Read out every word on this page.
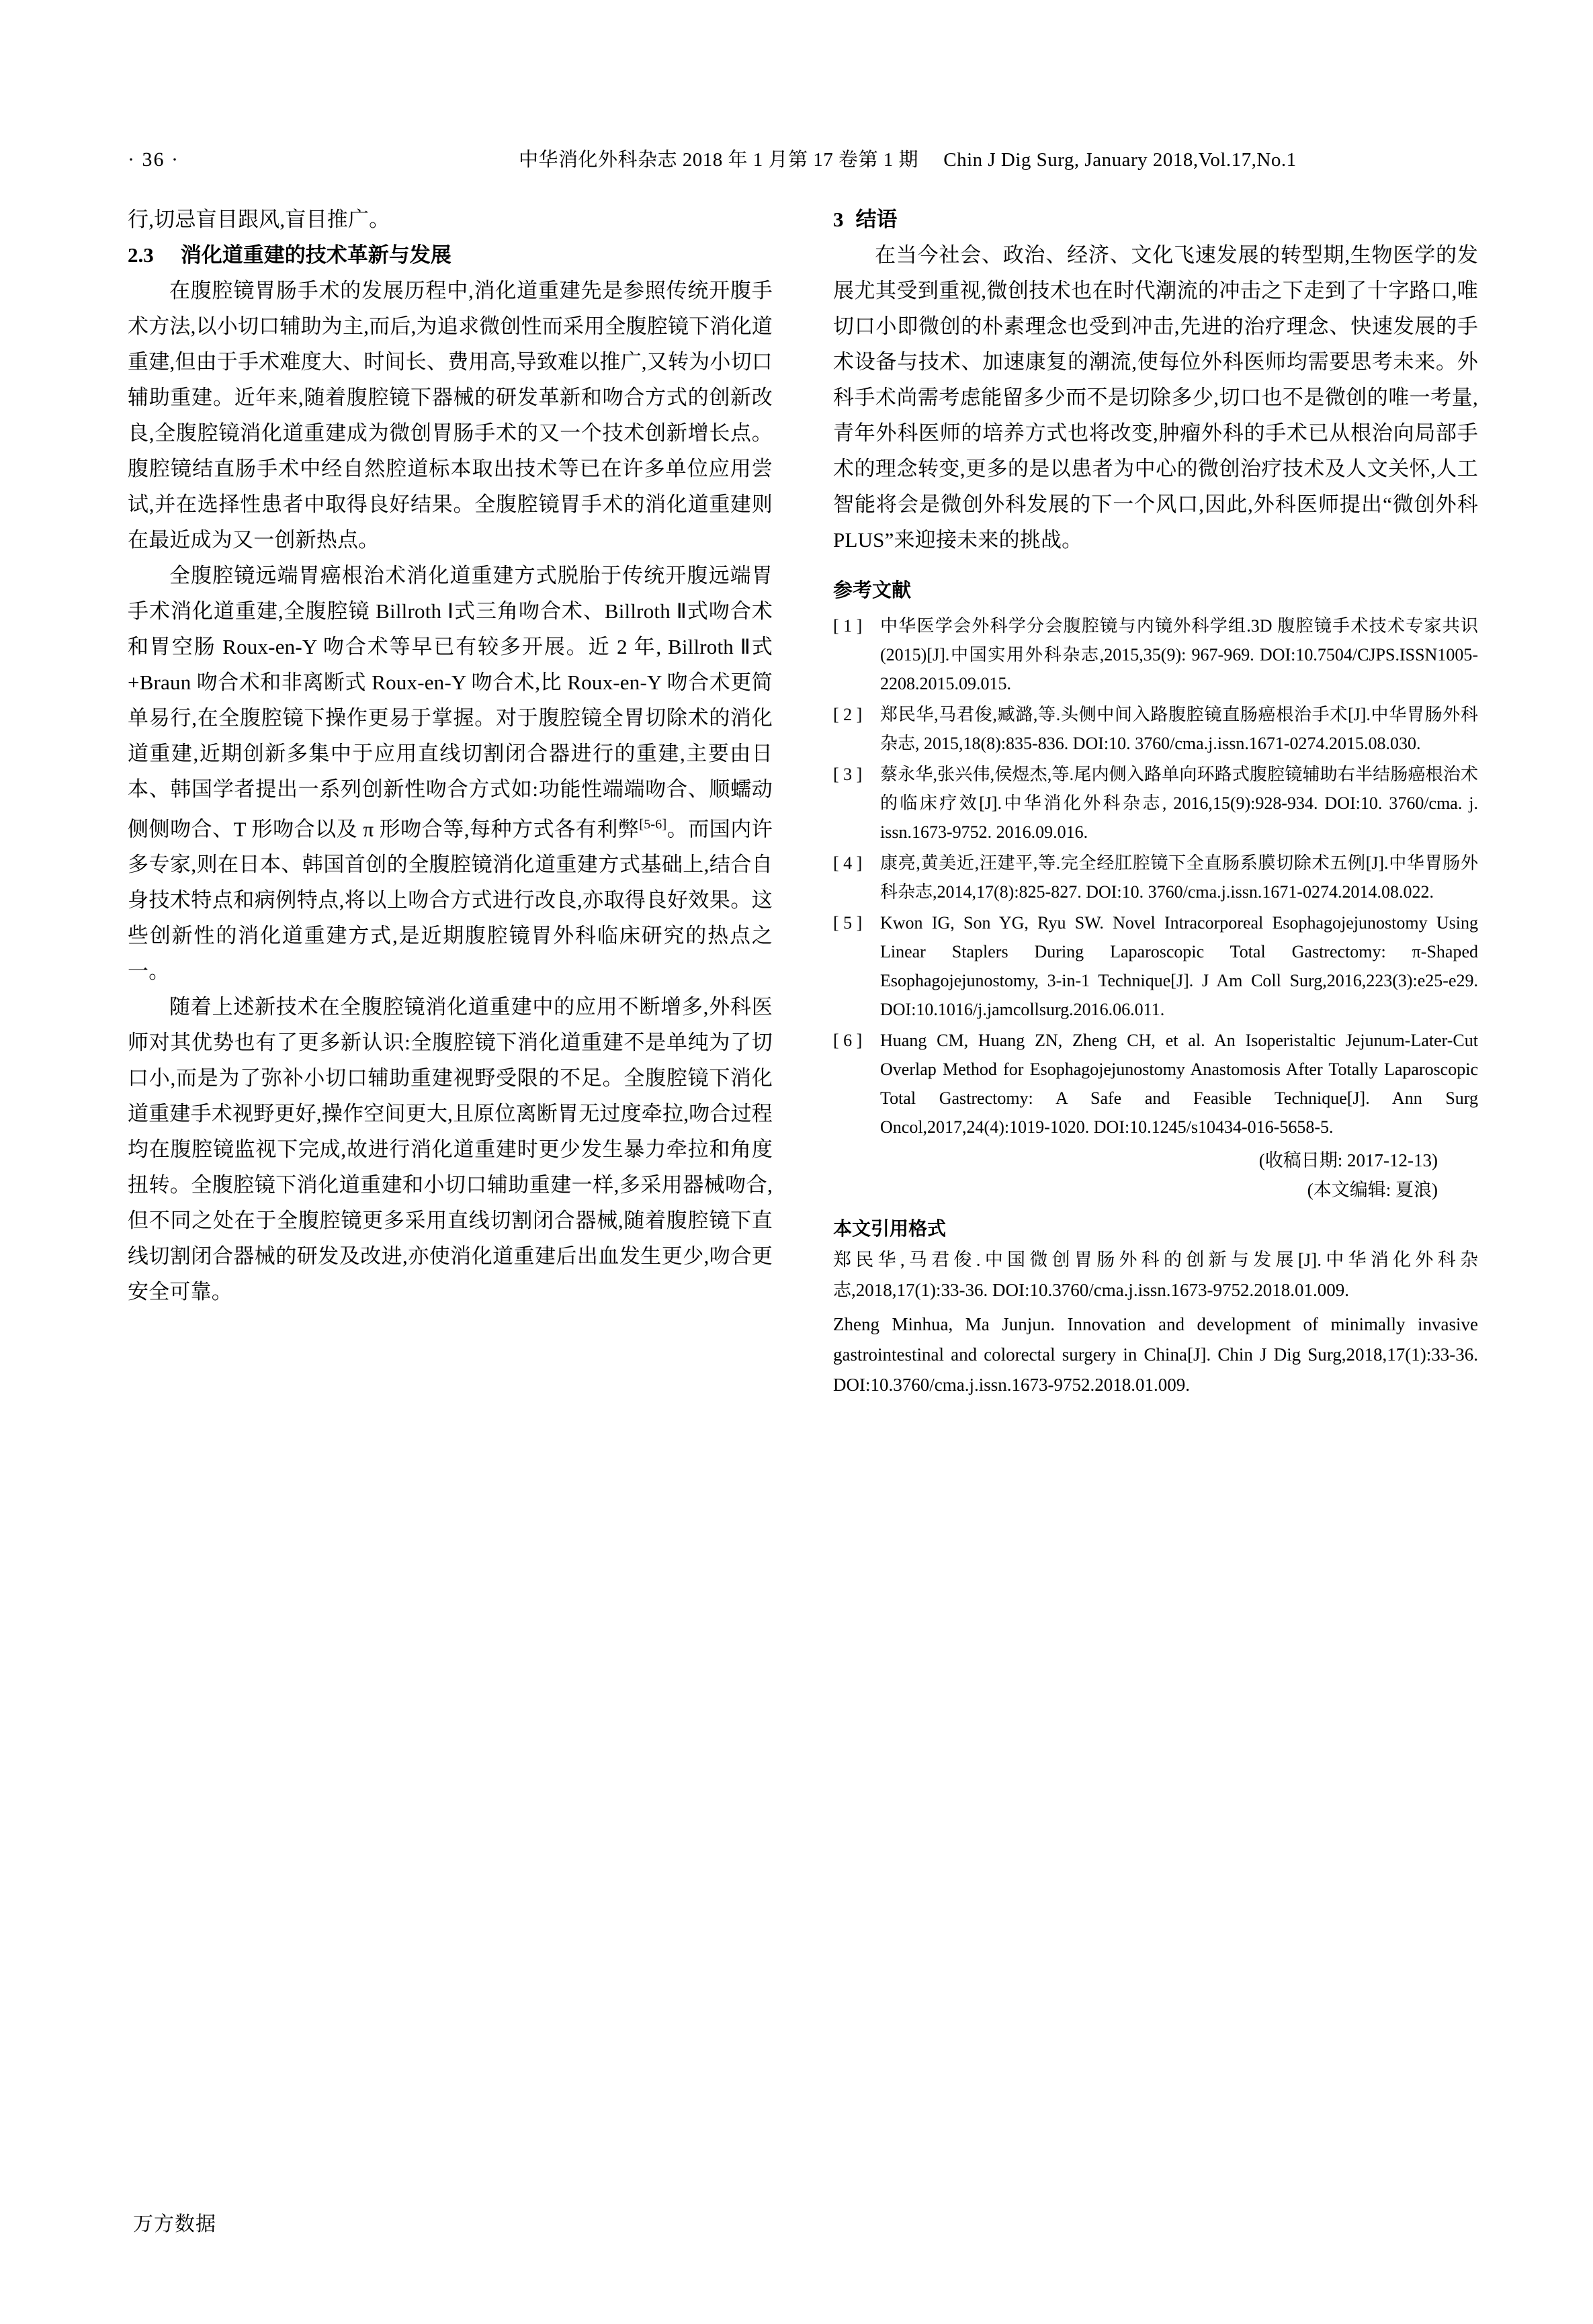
· 36 ·	中华消化外科杂志 2018 年 1 月第 17 卷第 1 期　 Chin J Dig Surg, January 2018,Vol.17,No.1

行,切忌盲目跟风,盲目推广。

2.3 消化道重建的技术革新与发展

在腹腔镜胃肠手术的发展历程中,消化道重建先是参照传统开腹手术方法,以小切口辅助为主,而后,为追求微创性而采用全腹腔镜下消化道重建,但由于手术难度大、时间长、费用高,导致难以推广,又转为小切口辅助重建。近年来,随着腹腔镜下器械的研发革新和吻合方式的创新改良,全腹腔镜消化道重建成为微创胃肠手术的又一个技术创新增长点。腹腔镜结直肠手术中经自然腔道标本取出技术等已在许多单位应用尝试,并在选择性患者中取得良好结果。全腹腔镜胃手术的消化道重建则在最近成为又一创新热点。

全腹腔镜远端胃癌根治术消化道重建方式脱胎于传统开腹远端胃手术消化道重建,全腹腔镜 Billroth Ⅰ式三角吻合术、Billroth Ⅱ式吻合术和胃空肠 Roux-en-Y 吻合术等早已有较多开展。近 2 年, Billroth Ⅱ式+Braun 吻合术和非离断式 Roux-en-Y 吻合术,比 Roux-en-Y 吻合术更简单易行,在全腹腔镜下操作更易于掌握。对于腹腔镜全胃切除术的消化道重建,近期创新多集中于应用直线切割闭合器进行的重建,主要由日本、韩国学者提出一系列创新性吻合方式如:功能性端端吻合、顺蠕动侧侧吻合、T 形吻合以及 π 形吻合等,每种方式各有利弊[5-6]。而国内许多专家,则在日本、韩国首创的全腹腔镜消化道重建方式基础上,结合自身技术特点和病例特点,将以上吻合方式进行改良,亦取得良好效果。这些创新性的消化道重建方式,是近期腹腔镜胃外科临床研究的热点之一。

随着上述新技术在全腹腔镜消化道重建中的应用不断增多,外科医师对其优势也有了更多新认识:全腹腔镜下消化道重建不是单纯为了切口小,而是为了弥补小切口辅助重建视野受限的不足。全腹腔镜下消化道重建手术视野更好,操作空间更大,且原位离断胃无过度牵拉,吻合过程均在腹腔镜监视下完成,故进行消化道重建时更少发生暴力牵拉和角度扭转。全腹腔镜下消化道重建和小切口辅助重建一样,多采用器械吻合,但不同之处在于全腹腔镜更多采用直线切割闭合器械,随着腹腔镜下直线切割闭合器械的研发及改进,亦使消化道重建后出血发生更少,吻合更安全可靠。

3 结语

在当今社会、政治、经济、文化飞速发展的转型期,生物医学的发展尤其受到重视,微创技术也在时代潮流的冲击之下走到了十字路口,唯切口小即微创的朴素理念也受到冲击,先进的治疗理念、快速发展的手术设备与技术、加速康复的潮流,使每位外科医师均需要思考未来。外科手术尚需考虑能留多少而不是切除多少,切口也不是微创的唯一考量,青年外科医师的培养方式也将改变,肿瘤外科的手术已从根治向局部手术的理念转变,更多的是以患者为中心的微创治疗技术及人文关怀,人工智能将会是微创外科发展的下一个风口,因此,外科医师提出“微创外科 PLUS”来迎接未来的挑战。

参考文献
[ 1 ]	中华医学会外科学分会腹腔镜与内镜外科学组.3D 腹腔镜手术技术专家共识(2015)[J].中国实用外科杂志,2015,35(9): 967-969. DOI:10.7504/CJPS.ISSN1005-2208.2015.09.015.
[ 2 ]	郑民华,马君俊,臧潞,等.头侧中间入路腹腔镜直肠癌根治手术[J].中华胃肠外科杂志, 2015,18(8):835-836. DOI:10. 3760/cma.j.issn.1671-0274.2015.08.030.
[ 3 ]	蔡永华,张兴伟,侯煜杰,等.尾内侧入路单向环路式腹腔镜辅助右半结肠癌根治术的临床疗效[J].中华消化外科杂志, 2016,15(9):928-934. DOI:10. 3760/cma. j. issn.1673-9752. 2016.09.016.
[ 4 ]	康亮,黄美近,汪建平,等.完全经肛腔镜下全直肠系膜切除术五例[J].中华胃肠外科杂志,2014,17(8):825-827. DOI:10. 3760/cma.j.issn.1671-0274.2014.08.022.
[ 5 ]	Kwon IG, Son YG, Ryu SW. Novel Intracorporeal Esophagojejunostomy Using Linear Staplers During Laparoscopic Total Gastrectomy: π-Shaped Esophagojejunostomy, 3-in-1 Technique[J]. J Am Coll Surg,2016,223(3):e25-e29. DOI:10.1016/j.jamcollsurg.2016.06.011.
[ 6 ]	Huang CM, Huang ZN, Zheng CH, et al. An Isoperistaltic Jejunum-Later-Cut Overlap Method for Esophagojejunostomy Anastomosis After Totally Laparoscopic Total Gastrectomy: A Safe and Feasible Technique[J]. Ann Surg Oncol,2017,24(4):1019-1020. DOI:10.1245/s10434-016-5658-5.
(收稿日期: 2017-12-13)
(本文编辑: 夏浪)
本文引用格式

郑民华,马君俊.中国微创胃肠外科的创新与发展[J].中华消化外科杂志,2018,17(1):33-36. DOI:10.3760/cma.j.issn.1673-9752.2018.01.009.

Zheng Minhua, Ma Junjun. Innovation and development of minimally invasive gastrointestinal and colorectal surgery in China[J]. Chin J Dig Surg,2018,17(1):33-36. DOI:10.3760/cma.j.issn.1673-9752.2018.01.009.

万方数据
